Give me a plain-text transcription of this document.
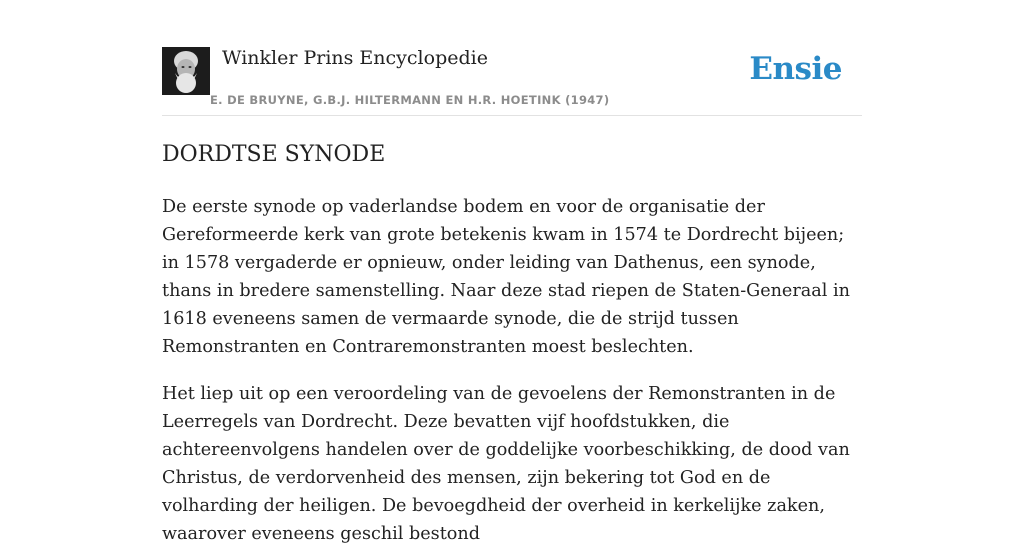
Winkler Prins Encyclopedie
E. DE BRUYNE, G.B.J. HILTERMANN EN H.R. HOETINK (1947)
Ensie
DORDTSE SYNODE

De eerste synode op vaderlandse bodem en voor de organisatie der Gereformeerde kerk van grote betekenis kwam in 1574 te Dordrecht bijeen; in 1578 vergaderde er opnieuw, onder leiding van Dathenus, een synode, thans in bredere samenstelling. Naar deze stad riepen de Staten-Generaal in 1618 eveneens samen de vermaarde synode, die de strijd tussen Remonstranten en Contraremonstranten moest beslechten.

Het liep uit op een veroordeling van de gevoelens der Remonstranten in de Leerregels van Dordrecht. Deze bevatten vijf hoofdstukken, die achtereenvolgens handelen over de goddelijke voorbeschikking, de dood van Christus, de verdorvenheid des mensen, zijn bekering tot God en de volharding der heiligen. De bevoegdheid der overheid in kerkelijke zaken, waarover eveneens geschil bestond
